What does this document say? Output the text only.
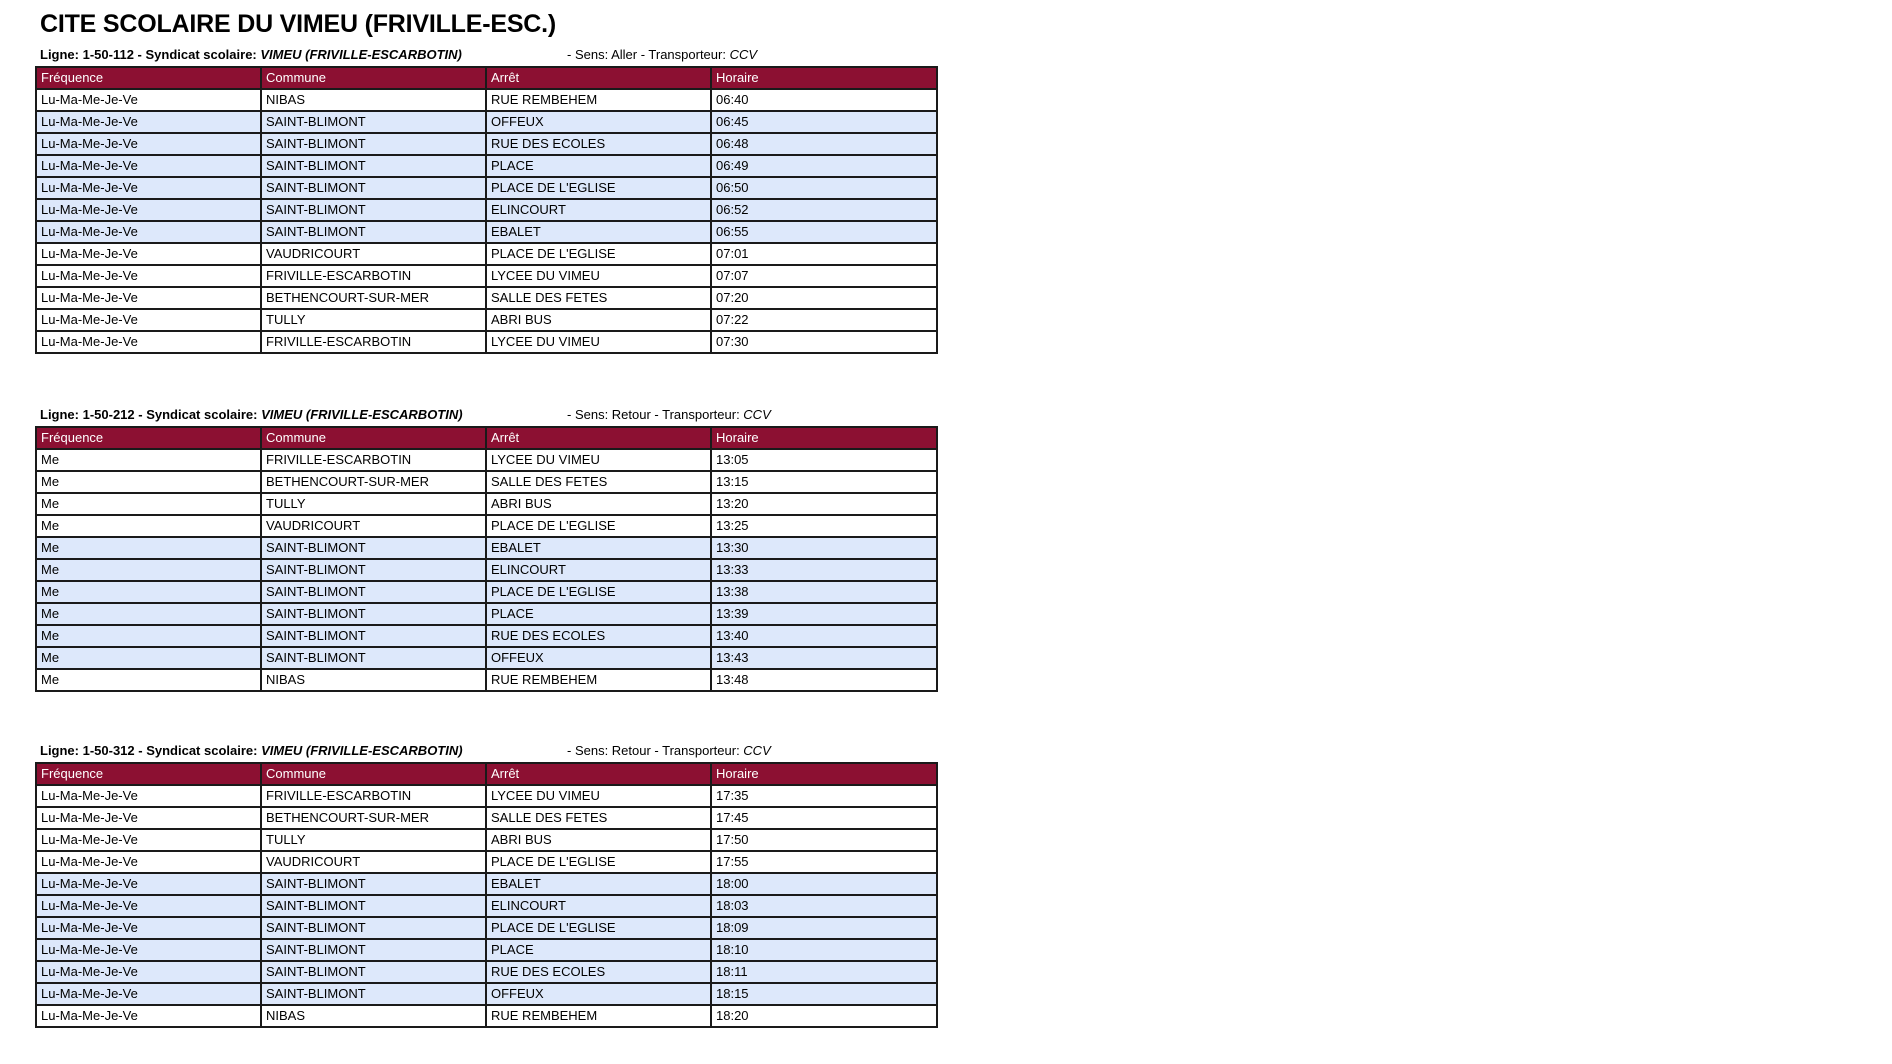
CITE SCOLAIRE DU VIMEU (FRIVILLE-ESC.)
Ligne: 1-50-112 - Syndicat scolaire: VIMEU (FRIVILLE-ESCARBOTIN)	- Sens: Aller - Transporteur: CCV
Fréquence	Commune	Arrêt	Horaire
Lu-Ma-Me-Je-Ve	NIBAS	RUE REMBEHEM	06:40
Lu-Ma-Me-Je-Ve	SAINT-BLIMONT	OFFEUX	06:45
Lu-Ma-Me-Je-Ve	SAINT-BLIMONT	RUE DES ECOLES	06:48
Lu-Ma-Me-Je-Ve	SAINT-BLIMONT	PLACE	06:49
Lu-Ma-Me-Je-Ve	SAINT-BLIMONT	PLACE DE L'EGLISE	06:50
Lu-Ma-Me-Je-Ve	SAINT-BLIMONT	ELINCOURT	06:52
Lu-Ma-Me-Je-Ve	SAINT-BLIMONT	EBALET	06:55
Lu-Ma-Me-Je-Ve	VAUDRICOURT	PLACE DE L'EGLISE	07:01
Lu-Ma-Me-Je-Ve	FRIVILLE-ESCARBOTIN	LYCEE DU VIMEU	07:07
Lu-Ma-Me-Je-Ve	BETHENCOURT-SUR-MER	SALLE DES FETES	07:20
Lu-Ma-Me-Je-Ve	TULLY	ABRI BUS	07:22
Lu-Ma-Me-Je-Ve	FRIVILLE-ESCARBOTIN	LYCEE DU VIMEU	07:30
Ligne: 1-50-212 - Syndicat scolaire: VIMEU (FRIVILLE-ESCARBOTIN)	- Sens: Retour - Transporteur: CCV
Fréquence	Commune	Arrêt	Horaire
Me	FRIVILLE-ESCARBOTIN	LYCEE DU VIMEU	13:05
Me	BETHENCOURT-SUR-MER	SALLE DES FETES	13:15
Me	TULLY	ABRI BUS	13:20
Me	VAUDRICOURT	PLACE DE L'EGLISE	13:25
Me	SAINT-BLIMONT	EBALET	13:30
Me	SAINT-BLIMONT	ELINCOURT	13:33
Me	SAINT-BLIMONT	PLACE DE L'EGLISE	13:38
Me	SAINT-BLIMONT	PLACE	13:39
Me	SAINT-BLIMONT	RUE DES ECOLES	13:40
Me	SAINT-BLIMONT	OFFEUX	13:43
Me	NIBAS	RUE REMBEHEM	13:48
Ligne: 1-50-312 - Syndicat scolaire: VIMEU (FRIVILLE-ESCARBOTIN)	- Sens: Retour - Transporteur: CCV
Fréquence	Commune	Arrêt	Horaire
Lu-Ma-Me-Je-Ve	FRIVILLE-ESCARBOTIN	LYCEE DU VIMEU	17:35
Lu-Ma-Me-Je-Ve	BETHENCOURT-SUR-MER	SALLE DES FETES	17:45
Lu-Ma-Me-Je-Ve	TULLY	ABRI BUS	17:50
Lu-Ma-Me-Je-Ve	VAUDRICOURT	PLACE DE L'EGLISE	17:55
Lu-Ma-Me-Je-Ve	SAINT-BLIMONT	EBALET	18:00
Lu-Ma-Me-Je-Ve	SAINT-BLIMONT	ELINCOURT	18:03
Lu-Ma-Me-Je-Ve	SAINT-BLIMONT	PLACE DE L'EGLISE	18:09
Lu-Ma-Me-Je-Ve	SAINT-BLIMONT	PLACE	18:10
Lu-Ma-Me-Je-Ve	SAINT-BLIMONT	RUE DES ECOLES	18:11
Lu-Ma-Me-Je-Ve	SAINT-BLIMONT	OFFEUX	18:15
Lu-Ma-Me-Je-Ve	NIBAS	RUE REMBEHEM	18:20
